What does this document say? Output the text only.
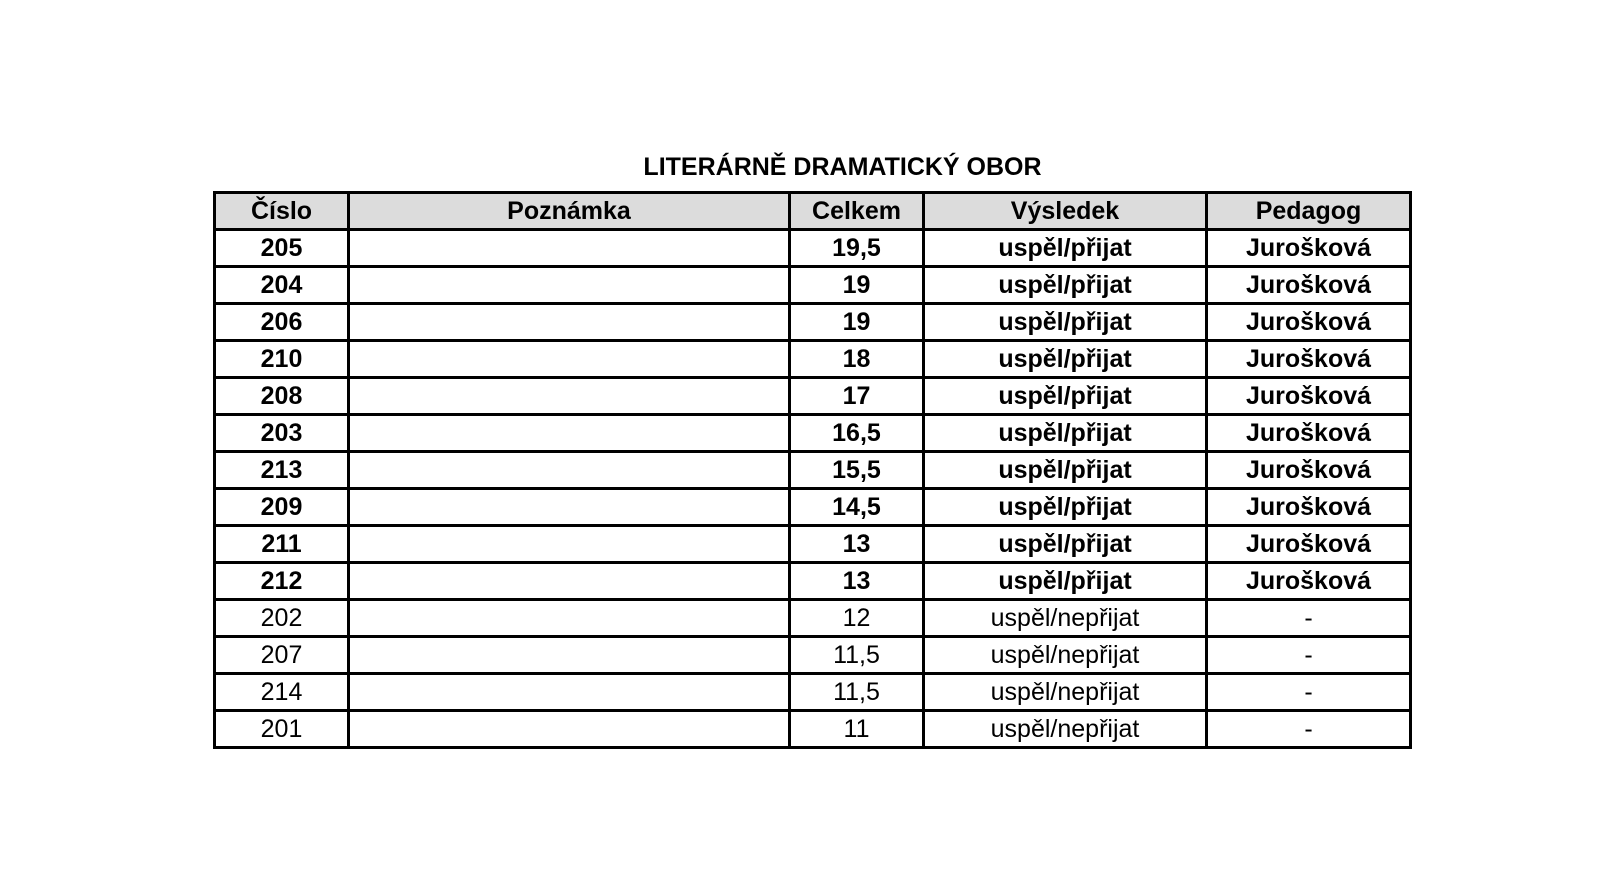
LITERÁRNĚ DRAMATICKÝ OBOR
Číslo	Poznámka	Celkem	Výsledek	Pedagog
205		19,5	uspěl/přijat	Jurošková
204		19	uspěl/přijat	Jurošková
206		19	uspěl/přijat	Jurošková
210		18	uspěl/přijat	Jurošková
208		17	uspěl/přijat	Jurošková
203		16,5	uspěl/přijat	Jurošková
213		15,5	uspěl/přijat	Jurošková
209		14,5	uspěl/přijat	Jurošková
211		13	uspěl/přijat	Jurošková
212		13	uspěl/přijat	Jurošková
202		12	uspěl/nepřijat	-
207		11,5	uspěl/nepřijat	-
214		11,5	uspěl/nepřijat	-
201		11	uspěl/nepřijat	-
